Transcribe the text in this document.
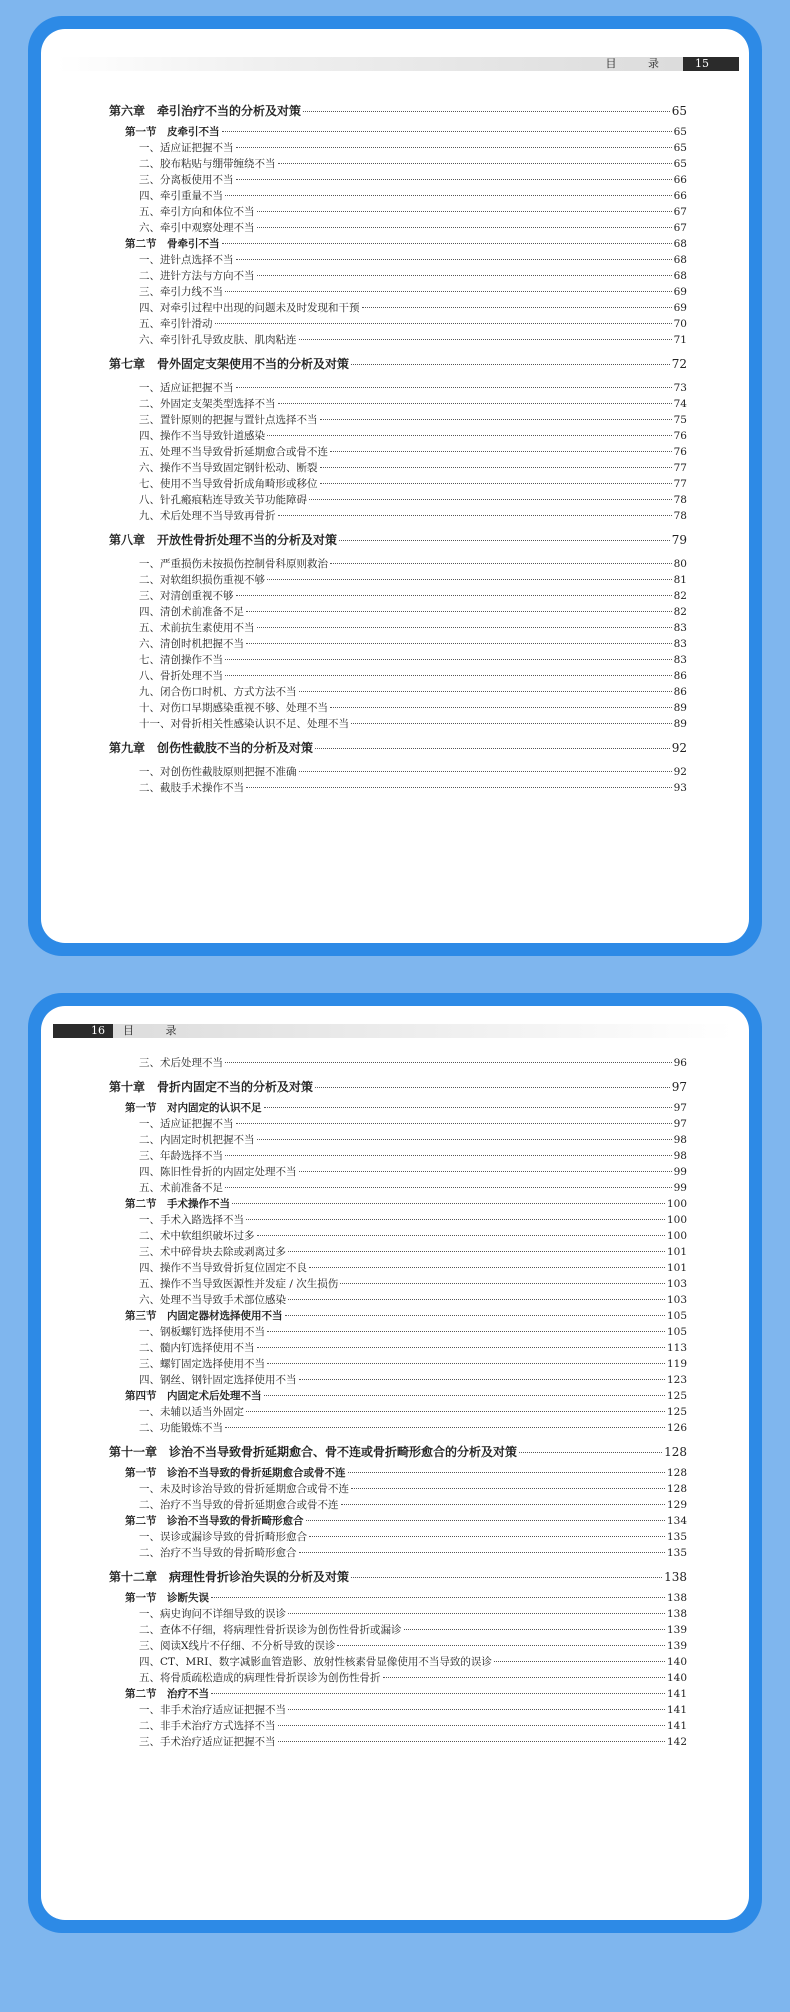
目 录	15
第六章　牵引治疗不当的分析及对策	65
第一节　皮牵引不当	65
一、适应证把握不当	65
二、胶布粘贴与绷带缠绕不当	65
三、分离板使用不当	66
四、牵引重量不当	66
五、牵引方向和体位不当	67
六、牵引中观察处理不当	67
第二节　骨牵引不当	68
一、进针点选择不当	68
二、进针方法与方向不当	68
三、牵引力线不当	69
四、对牵引过程中出现的问题未及时发现和干预	69
五、牵引针滑动	70
六、牵引针孔导致皮肤、肌肉粘连	71
第七章　骨外固定支架使用不当的分析及对策	72
一、适应证把握不当	73
二、外固定支架类型选择不当	74
三、置针原则的把握与置针点选择不当	75
四、操作不当导致针道感染	76
五、处理不当导致骨折延期愈合或骨不连	76
六、操作不当导致固定钢针松动、断裂	77
七、使用不当导致骨折成角畸形或移位	77
八、针孔瘢痕粘连导致关节功能障碍	78
九、术后处理不当导致再骨折	78
第八章　开放性骨折处理不当的分析及对策	79
一、严重损伤未按损伤控制骨科原则救治	80
二、对软组织损伤重视不够	81
三、对清创重视不够	82
四、清创术前准备不足	82
五、术前抗生素使用不当	83
六、清创时机把握不当	83
七、清创操作不当	83
八、骨折处理不当	86
九、闭合伤口时机、方式方法不当	86
十、对伤口早期感染重视不够、处理不当	89
十一、对骨折相关性感染认识不足、处理不当	89
第九章　创伤性截肢不当的分析及对策	92
一、对创伤性截肢原则把握不准确	92
二、截肢手术操作不当	93
16	目 录
三、术后处理不当	96
第十章　骨折内固定不当的分析及对策	97
第一节　对内固定的认识不足	97
一、适应证把握不当	97
二、内固定时机把握不当	98
三、年龄选择不当	98
四、陈旧性骨折的内固定处理不当	99
五、术前准备不足	99
第二节　手术操作不当	100
一、手术入路选择不当	100
二、术中软组织破坏过多	100
三、术中碎骨块去除或剥离过多	101
四、操作不当导致骨折复位固定不良	101
五、操作不当导致医源性并发症 / 次生损伤	103
六、处理不当导致手术部位感染	103
第三节　内固定器材选择使用不当	105
一、钢板螺钉选择使用不当	105
二、髓内钉选择使用不当	113
三、螺钉固定选择使用不当	119
四、钢丝、钢针固定选择使用不当	123
第四节　内固定术后处理不当	125
一、未辅以适当外固定	125
二、功能锻炼不当	126
第十一章　诊治不当导致骨折延期愈合、骨不连或骨折畸形愈合的分析及对策	128
第一节　诊治不当导致的骨折延期愈合或骨不连	128
一、未及时诊治导致的骨折延期愈合或骨不连	128
二、治疗不当导致的骨折延期愈合或骨不连	129
第二节　诊治不当导致的骨折畸形愈合	134
一、误诊或漏诊导致的骨折畸形愈合	135
二、治疗不当导致的骨折畸形愈合	135
第十二章　病理性骨折诊治失误的分析及对策	138
第一节　诊断失误	138
一、病史询问不详细导致的误诊	138
二、查体不仔细，将病理性骨折误诊为创伤性骨折或漏诊	139
三、阅读X线片不仔细、不分析导致的误诊	139
四、CT、MRI、数字减影血管造影、放射性核素骨显像使用不当导致的误诊	140
五、将骨质疏松造成的病理性骨折误诊为创伤性骨折	140
第二节　治疗不当	141
一、非手术治疗适应证把握不当	141
二、非手术治疗方式选择不当	141
三、手术治疗适应证把握不当	142
